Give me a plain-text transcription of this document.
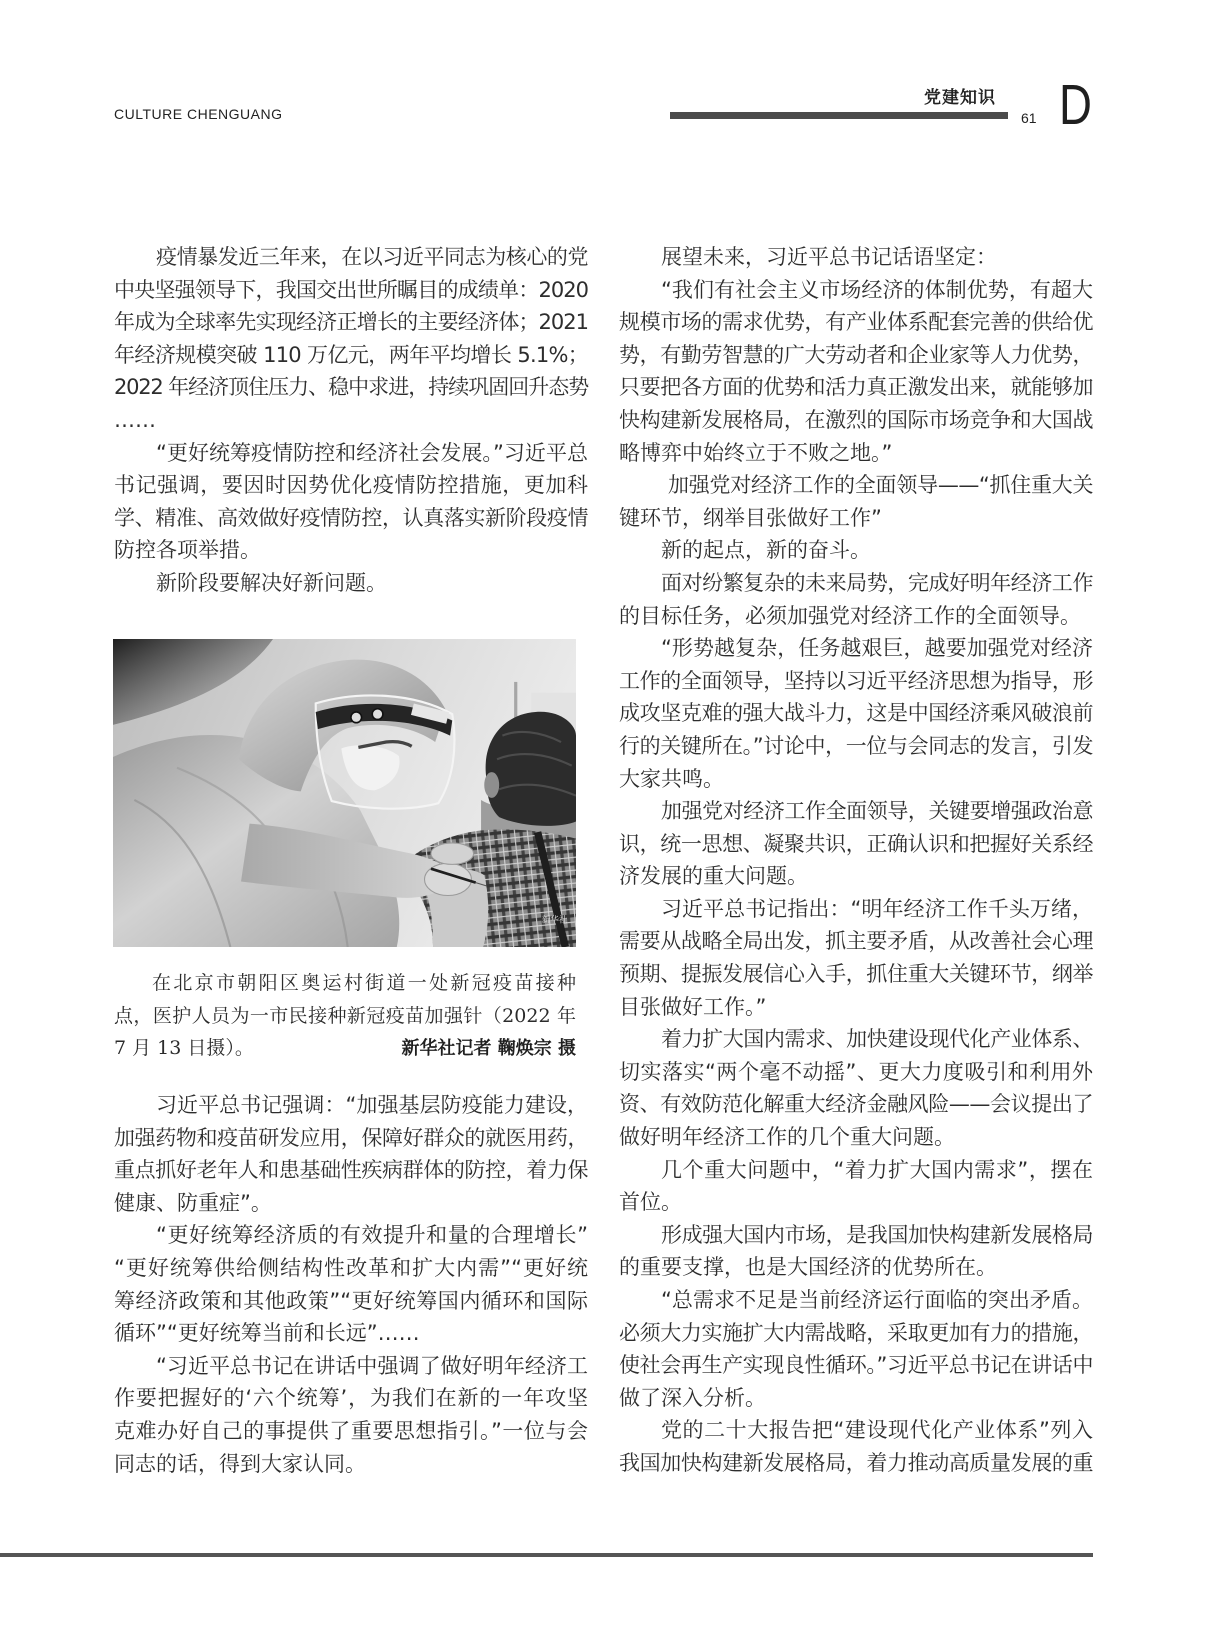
CULTURE CHENGUANG
党建知识
61 D
疫情暴发近三年来，在以习近平同志为核心的党
中央坚强领导下，我国交出世所瞩目的成绩单：2020
年成为全球率先实现经济正增长的主要经济体；2021
年经济规模突破 110 万亿元，两年平均增长 5.1%；
2022 年经济顶住压力、稳中求进，持续巩固回升态势
……
“更好统筹疫情防控和经济社会发展。”习近平总
书记强调，要因时因势优化疫情防控措施，更加科
学、精准、高效做好疫情防控，认真落实新阶段疫情
防控各项举措。
新阶段要解决好新问题。
新华社
在北京市朝阳区奥运村街道一处新冠疫苗接种
点，医护人员为一市民接种新冠疫苗加强针（2022 年
7 月 13 日摄）。	新华社记者 鞠焕宗 摄
习近平总书记强调：“加强基层防疫能力建设，
加强药物和疫苗研发应用，保障好群众的就医用药，
重点抓好老年人和患基础性疾病群体的防控，着力保
健康、防重症”。
“更好统筹经济质的有效提升和量的合理增长”
“更好统筹供给侧结构性改革和扩大内需”“更好统
筹经济政策和其他政策”“更好统筹国内循环和国际
循环”“更好统筹当前和长远”……
“习近平总书记在讲话中强调了做好明年经济工
作要把握好的‘六个统筹’，为我们在新的一年攻坚
克难办好自己的事提供了重要思想指引。”一位与会
同志的话，得到大家认同。
展望未来，习近平总书记话语坚定：
“我们有社会主义市场经济的体制优势，有超大
规模市场的需求优势，有产业体系配套完善的供给优
势，有勤劳智慧的广大劳动者和企业家等人力优势，
只要把各方面的优势和活力真正激发出来，就能够加
快构建新发展格局，在激烈的国际市场竞争和大国战
略博弈中始终立于不败之地。”
加强党对经济工作的全面领导——“抓住重大关
键环节，纲举目张做好工作”
新的起点，新的奋斗。
面对纷繁复杂的未来局势，完成好明年经济工作
的目标任务，必须加强党对经济工作的全面领导。
“形势越复杂，任务越艰巨，越要加强党对经济
工作的全面领导，坚持以习近平经济思想为指导，形
成攻坚克难的强大战斗力，这是中国经济乘风破浪前
行的关键所在。”讨论中，一位与会同志的发言，引发
大家共鸣。
加强党对经济工作全面领导，关键要增强政治意
识，统一思想、凝聚共识，正确认识和把握好关系经
济发展的重大问题。
习近平总书记指出：“明年经济工作千头万绪，
需要从战略全局出发，抓主要矛盾，从改善社会心理
预期、提振发展信心入手，抓住重大关键环节，纲举
目张做好工作。”
着力扩大国内需求、加快建设现代化产业体系、
切实落实“两个毫不动摇”、更大力度吸引和利用外
资、有效防范化解重大经济金融风险——会议提出了
做好明年经济工作的几个重大问题。
几个重大问题中，“着力扩大国内需求”，摆在
首位。
形成强大国内市场，是我国加快构建新发展格局
的重要支撑，也是大国经济的优势所在。
“总需求不足是当前经济运行面临的突出矛盾。
必须大力实施扩大内需战略，采取更加有力的措施，
使社会再生产实现良性循环。”习近平总书记在讲话中
做了深入分析。
党的二十大报告把“建设现代化产业体系”列入
我国加快构建新发展格局，着力推动高质量发展的重
